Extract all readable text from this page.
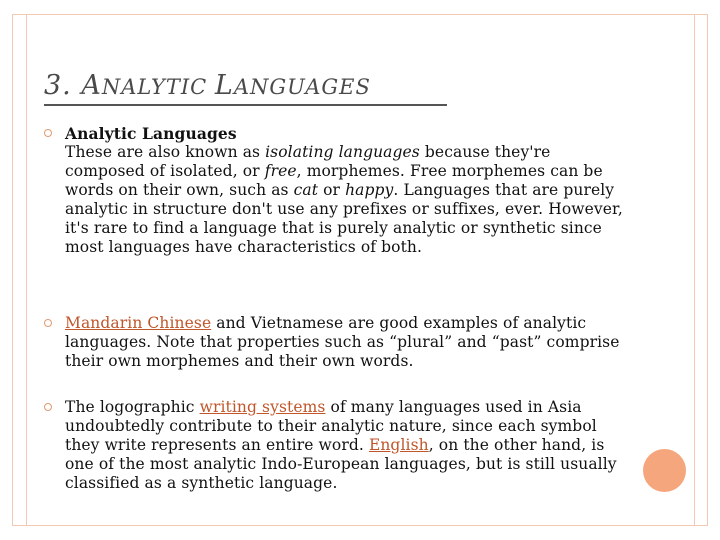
3. ANALYTIC LANGUAGES
Analytic Languages
These are also known as isolating languages because they're composed of isolated, or free, morphemes. Free morphemes can be words on their own, such as cat or happy. Languages that are purely analytic in structure don't use any prefixes or suffixes, ever. However, it's rare to find a language that is purely analytic or synthetic since most languages have characteristics of both.
Mandarin Chinese and Vietnamese are good examples of analytic languages. Note that properties such as “plural” and “past” comprise their own morphemes and their own words.
The logographic writing systems of many languages used in Asia undoubtedly contribute to their analytic nature, since each symbol they write represents an entire word. English, on the other hand, is one of the most analytic Indo-European languages, but is still usually classified as a synthetic language.
